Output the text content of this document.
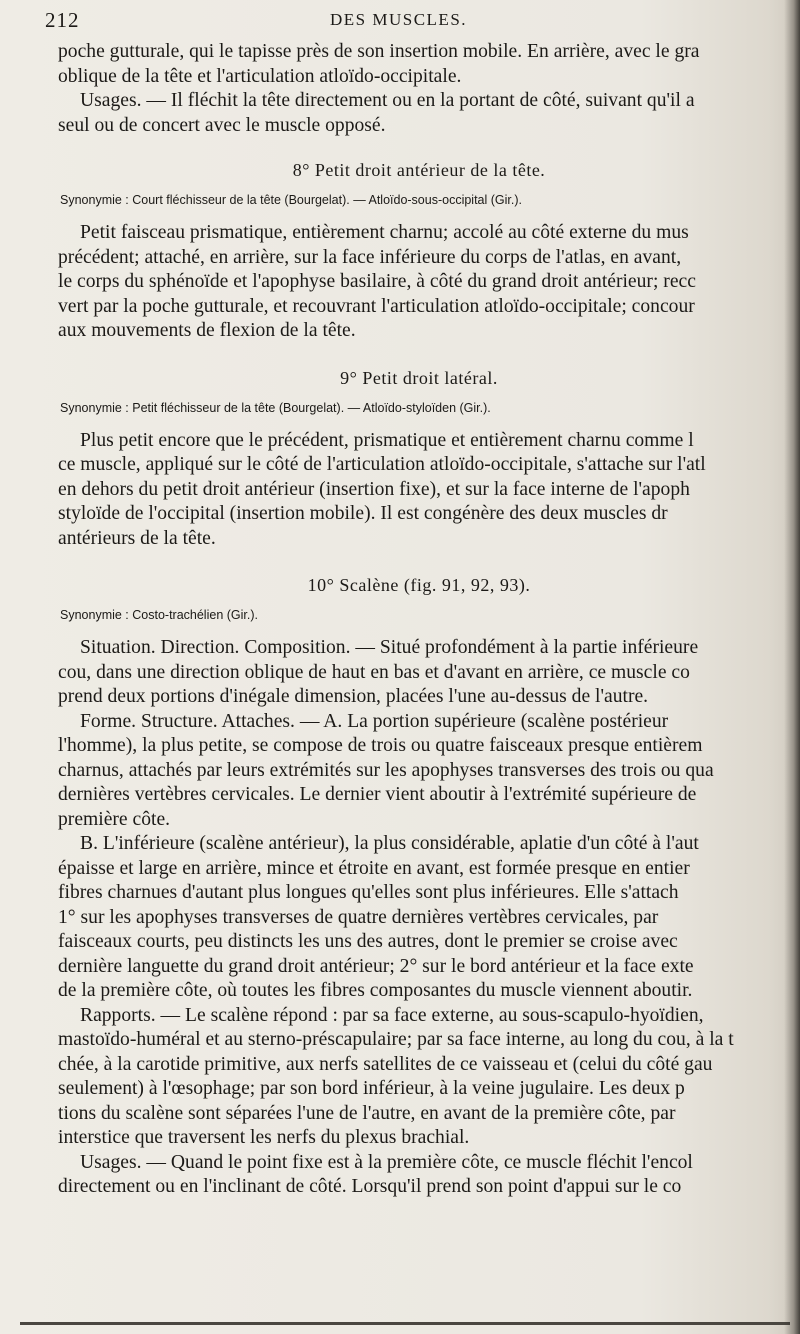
212	DES MUSCLES.

poche gutturale, qui le tapisse près de son insertion mobile. En arrière, avec le gra
oblique de la tête et l'articulation atloïdo-occipitale.
Usages. — Il fléchit la tête directement ou en la portant de côté, suivant qu'il a
seul ou de concert avec le muscle opposé.

8° Petit droit antérieur de la tête.
Synonymie : Court fléchisseur de la tête (Bourgelat). — Atloïdo-sous-occipital (Gir.).

Petit faisceau prismatique, entièrement charnu; accolé au côté externe du mus
précédent; attaché, en arrière, sur la face inférieure du corps de l'atlas, en avant,
le corps du sphénoïde et l'apophyse basilaire, à côté du grand droit antérieur; recc
vert par la poche gutturale, et recouvrant l'articulation atloïdo-occipitale; concour
aux mouvements de flexion de la tête.

9° Petit droit latéral.
Synonymie : Petit fléchisseur de la tête (Bourgelat). — Atloïdo-styloïden (Gir.).

Plus petit encore que le précédent, prismatique et entièrement charnu comme l
ce muscle, appliqué sur le côté de l'articulation atloïdo-occipitale, s'attache sur l'atl
en dehors du petit droit antérieur (insertion fixe), et sur la face interne de l'apoph
styloïde de l'occipital (insertion mobile). Il est congénère des deux muscles dr
antérieurs de la tête.

10° Scalène (fig. 91, 92, 93).
Synonymie : Costo-trachélien (Gir.).

Situation. Direction. Composition. — Situé profondément à la partie inférieure
cou, dans une direction oblique de haut en bas et d'avant en arrière, ce muscle co
prend deux portions d'inégale dimension, placées l'une au-dessus de l'autre.
Forme. Structure. Attaches. — A. La portion supérieure (scalène postérieur
l'homme), la plus petite, se compose de trois ou quatre faisceaux presque entièrem
charnus, attachés par leurs extrémités sur les apophyses transverses des trois ou qua
dernières vertèbres cervicales. Le dernier vient aboutir à l'extrémité supérieure de
première côte.
B. L'inférieure (scalène antérieur), la plus considérable, aplatie d'un côté à l'aut
épaisse et large en arrière, mince et étroite en avant, est formée presque en entier
fibres charnues d'autant plus longues qu'elles sont plus inférieures. Elle s'attach
1° sur les apophyses transverses de quatre dernières vertèbres cervicales, par
faisceaux courts, peu distincts les uns des autres, dont le premier se croise avec
dernière languette du grand droit antérieur; 2° sur le bord antérieur et la face exte
de la première côte, où toutes les fibres composantes du muscle viennent aboutir.
Rapports. — Le scalène répond : par sa face externe, au sous-scapulo-hyoïdien,
mastoïdo-huméral et au sterno-préscapulaire; par sa face interne, au long du cou, à la t
chée, à la carotide primitive, aux nerfs satellites de ce vaisseau et (celui du côté gau
seulement) à l'œsophage; par son bord inférieur, à la veine jugulaire. Les deux p
tions du scalène sont séparées l'une de l'autre, en avant de la première côte, par
interstice que traversent les nerfs du plexus brachial.
Usages. — Quand le point fixe est à la première côte, ce muscle fléchit l'encol
directement ou en l'inclinant de côté. Lorsqu'il prend son point d'appui sur le co
